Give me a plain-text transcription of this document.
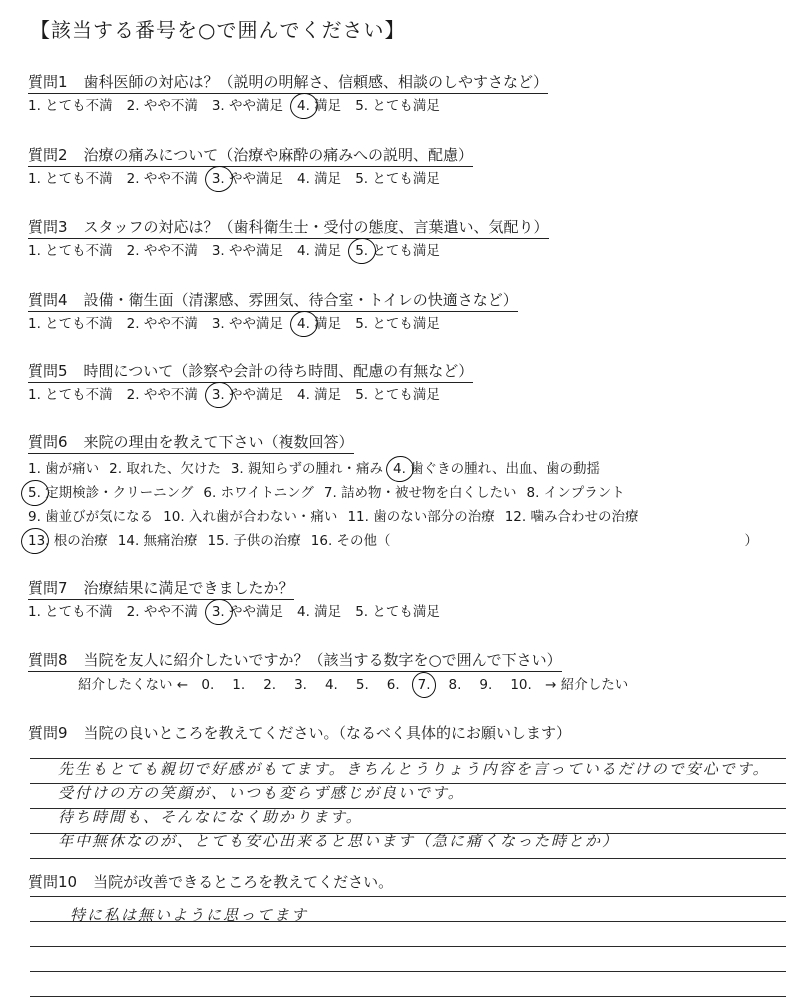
【該当する番号を○で囲んでください】
質問1 歯科医師の対応は？（説明の明解さ、信頼感、相談のしやすさなど）
1. とても不満 2. やや不満 3. やや満足 4. 満足 5. とても満足
質問2 治療の痛みについて（治療や麻酔の痛みへの説明、配慮）
1. とても不満 2. やや不満 3. やや満足 4. 満足 5. とても満足
質問3 スタッフの対応は？（歯科衛生士・受付の態度、言葉遣い、気配り）
1. とても不満 2. やや不満 3. やや満足 4. 満足 5. とても満足
質問4 設備・衛生面（清潔感、雰囲気、待合室・トイレの快適さなど）
1. とても不満 2. やや不満 3. やや満足 4. 満足 5. とても満足
質問5 時間について（診察や会計の待ち時間、配慮の有無など）
1. とても不満 2. やや不満 3. やや満足 4. 満足 5. とても満足
質問6 来院の理由を教えて下さい（複数回答）
1. 歯が痛い 2. 取れた、欠けた 3. 親知らずの腫れ・痛み 4. 歯ぐきの腫れ、出血、歯の動揺
5. 定期検診・クリーニング 6. ホワイトニング 7. 詰め物・被せ物を白くしたい 8. インプラント
9. 歯並びが気になる 10. 入れ歯が合わない・痛い 11. 歯のない部分の治療 12. 噛み合わせの治療
13. 根の治療 14. 無痛治療 15. 子供の治療 16. その他（	）
質問7 治療結果に満足できましたか？
1. とても不満 2. やや不満 3. やや満足 4. 満足 5. とても満足
質問8 当院を友人に紹介したいですか？（該当する数字を○で囲んで下さい）
紹介したくない ← 0. 1. 2. 3. 4. 5. 6. 7. 8. 9. 10. → 紹介したい
質問9 当院の良いところを教えてください。（なるべく具体的にお願いします）
先生もとても親切で好感がもてます。きちんとうりょう内容を言っているだけので安心です。
受付けの方の笑顔が、いつも変らず感じが良いです。
待ち時間も、そんなになく助かります。
年中無休なのが、とても安心出来ると思います（急に痛くなった時とか）
質問10 当院が改善できるところを教えてください。
特に私は無いように思ってます
